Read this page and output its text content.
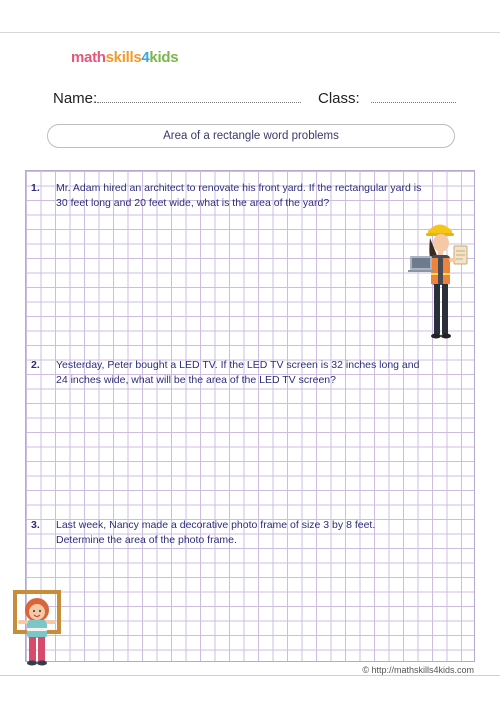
mathskills4kids
Name:	Class:
Area of a rectangle word problems
1. Mr. Adam hired an architect to renovate his front yard. If the rectangular yard is 30 feet long and 20 feet wide, what is the area of the yard?
2. Yesterday, Peter bought a LED TV. If the LED TV screen is 32 inches long and 24 inches wide, what will be the area of the LED TV screen?
3. Last week, Nancy made a decorative photo frame of size 3 by 8 feet.
Determine the area of the photo frame.
© http://mathskills4kids.com
